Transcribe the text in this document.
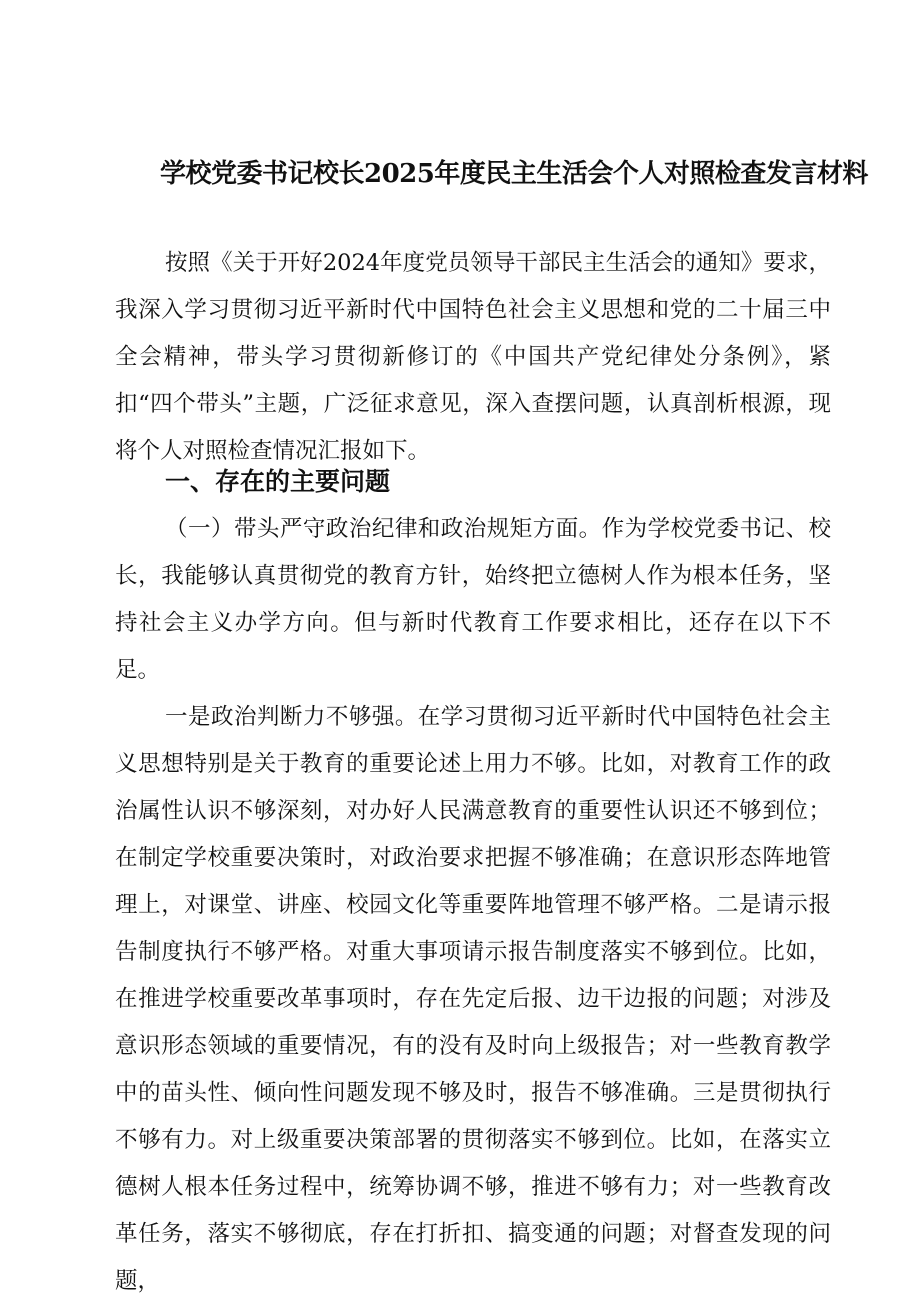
学校党委书记校长2025年度民主生活会个人对照检查发言材料

按照《关于开好2024年度党员领导干部民主生活会的通知》要求，我深入学习贯彻习近平新时代中国特色社会主义思想和党的二十届三中全会精神，带头学习贯彻新修订的《中国共产党纪律处分条例》，紧扣“四个带头”主题，广泛征求意见，深入查摆问题，认真剖析根源，现将个人对照检查情况汇报如下。

一、存在的主要问题

（一）带头严守政治纪律和政治规矩方面。作为学校党委书记、校长，我能够认真贯彻党的教育方针，始终把立德树人作为根本任务，坚持社会主义办学方向。但与新时代教育工作要求相比，还存在以下不足。

一是政治判断力不够强。在学习贯彻习近平新时代中国特色社会主义思想特别是关于教育的重要论述上用力不够。比如，对教育工作的政治属性认识不够深刻，对办好人民满意教育的重要性认识还不够到位；在制定学校重要决策时，对政治要求把握不够准确；在意识形态阵地管理上，对课堂、讲座、校园文化等重要阵地管理不够严格。二是请示报告制度执行不够严格。对重大事项请示报告制度落实不够到位。比如，在推进学校重要改革事项时，存在先定后报、边干边报的问题；对涉及意识形态领域的重要情况，有的没有及时向上级报告；对一些教育教学中的苗头性、倾向性问题发现不够及时，报告不够准确。三是贯彻执行不够有力。对上级重要决策部署的贯彻落实不够到位。比如，在落实立德树人根本任务过程中，统筹协调不够，推进不够有力；对一些教育改革任务，落实不够彻底，存在打折扣、搞变通的问题；对督查发现的问题，
